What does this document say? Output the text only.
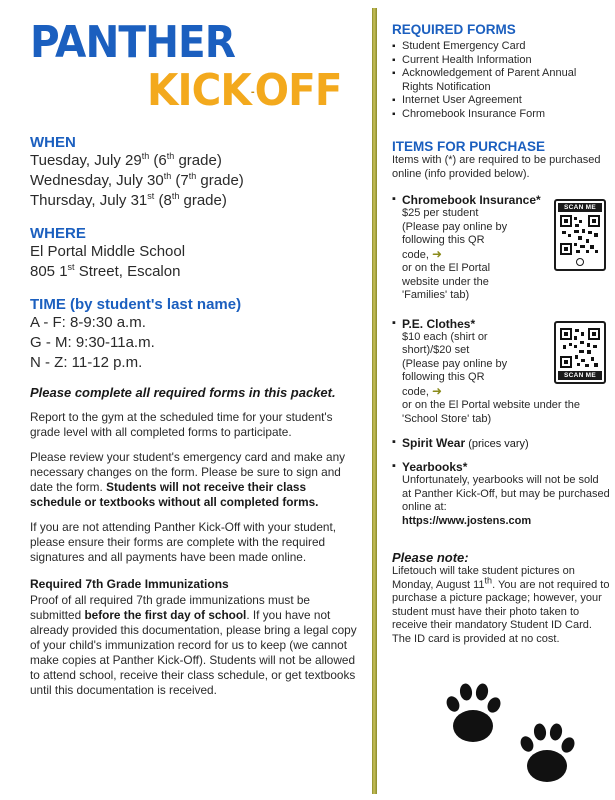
PANTHER
KICK-OFF
WHEN
Tuesday, July 29th (6th grade)
Wednesday, July 30th (7th grade)
Thursday, July 31st (8th grade)
WHERE
El Portal Middle School
805 1st Street, Escalon
TIME (by student's last name)
A - F: 8-9:30 a.m.
G - M: 9:30-11a.m.
N - Z: 11-12 p.m.
Please complete all required forms in this packet.
Report to the gym at the scheduled time for your student's grade level with all completed forms to participate.
Please review your student's emergency card and make any necessary changes on the form. Please be sure to sign and date the form. Students will not receive their class schedule or textbooks without all completed forms.
If you are not attending Panther Kick-Off with your student, please ensure their forms are complete with the required signatures and all payments have been made online.
Required 7th Grade Immunizations
Proof of all required 7th grade immunizations must be submitted before the first day of school. If you have not already provided this documentation, please bring a legal copy of your child's immunization record for us to keep (we cannot make copies at Panther Kick-Off). Students will not be allowed to attend school, receive their class schedule, or get textbooks until this documentation is received.
REQUIRED FORMS
▪ Student Emergency Card
▪ Current Health Information
▪ Acknowledgement of Parent Annual Rights Notification
▪ Internet User Agreement
▪ Chromebook Insurance Form
ITEMS FOR PURCHASE
Items with (*) are required to be purchased online (info provided below).
▪ Chromebook Insurance*
$25 per student
(Please pay online by following this QR code, ➜
or on the El Portal website under the 'Families' tab)
SCAN ME
▪ P.E. Clothes*
$10 each (shirt or short)/$20 set
(Please pay online by following this QR code, ➜
or on the El Portal website under the 'School Store' tab)
SCAN ME
▪ Spirit Wear (prices vary)
▪ Yearbooks*
Unfortunately, yearbooks will not be sold at Panther Kick-Off, but may be purchased online at:
https://www.jostens.com
Please note:
Lifetouch will take student pictures on Monday, August 11th. You are not required to purchase a picture package; however, your student must have their photo taken to receive their mandatory Student ID Card. The ID card is provided at no cost.
